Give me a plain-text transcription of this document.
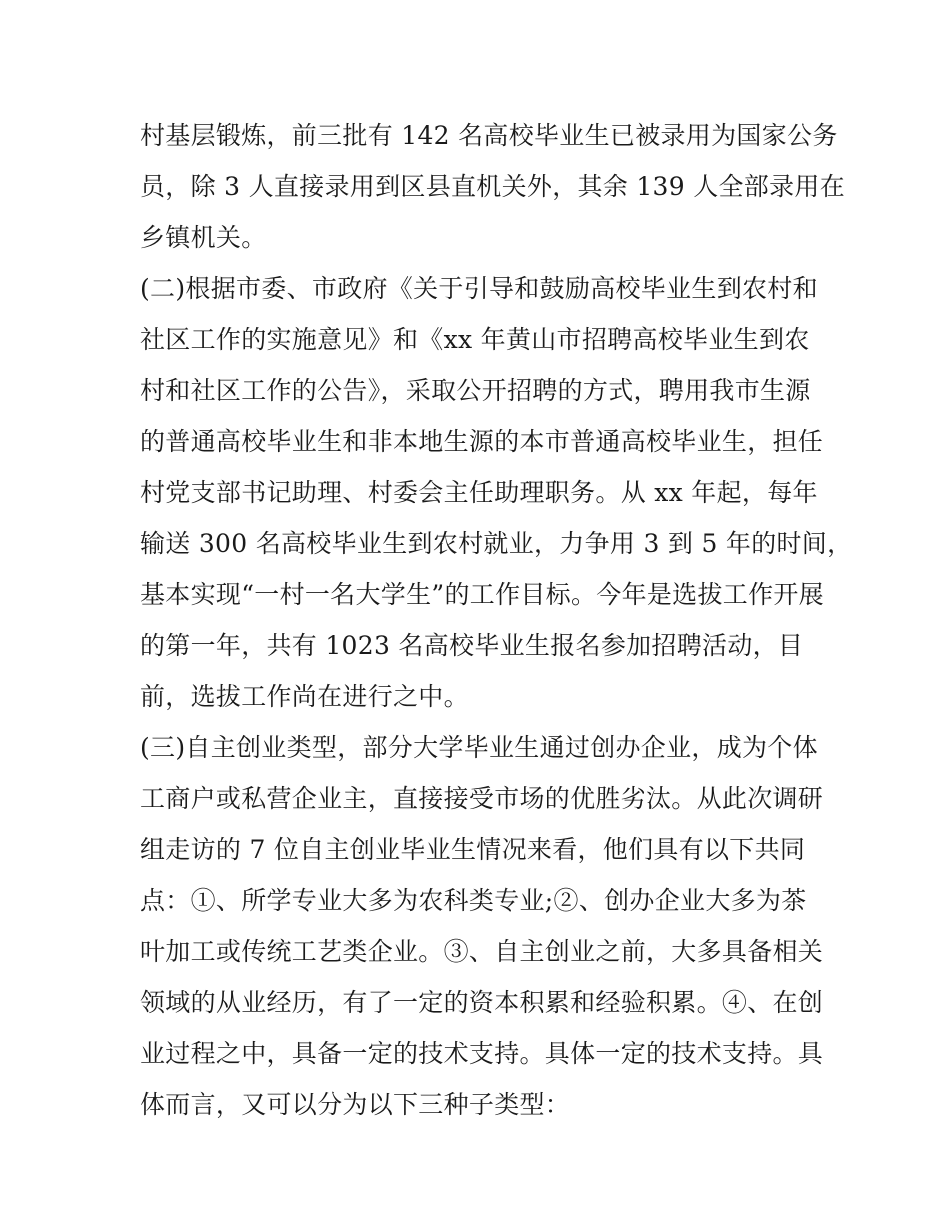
村基层锻炼，前三批有 142 名高校毕业生已被录用为国家公务
员，除 3 人直接录用到区县直机关外，其余 139 人全部录用在
乡镇机关。
(二)根据市委、市政府《关于引导和鼓励高校毕业生到农村和
社区工作的实施意见》和《xx 年黄山市招聘高校毕业生到农
村和社区工作的公告》，采取公开招聘的方式，聘用我市生源
的普通高校毕业生和非本地生源的本市普通高校毕业生，担任
村党支部书记助理、村委会主任助理职务。从 xx 年起，每年
输送 300 名高校毕业生到农村就业，力争用 3 到 5 年的时间，
基本实现“一村一名大学生”的工作目标。今年是选拔工作开展
的第一年，共有 1023 名高校毕业生报名参加招聘活动，目
前，选拔工作尚在进行之中。
(三)自主创业类型，部分大学毕业生通过创办企业，成为个体
工商户或私营企业主，直接接受市场的优胜劣汰。从此次调研
组走访的 7 位自主创业毕业生情况来看，他们具有以下共同
点：①、所学专业大多为农科类专业;②、创办企业大多为茶
叶加工或传统工艺类企业。③、自主创业之前，大多具备相关
领域的从业经历，有了一定的资本积累和经验积累。④、在创
业过程之中，具备一定的技术支持。具体一定的技术支持。具
体而言，又可以分为以下三种子类型：
